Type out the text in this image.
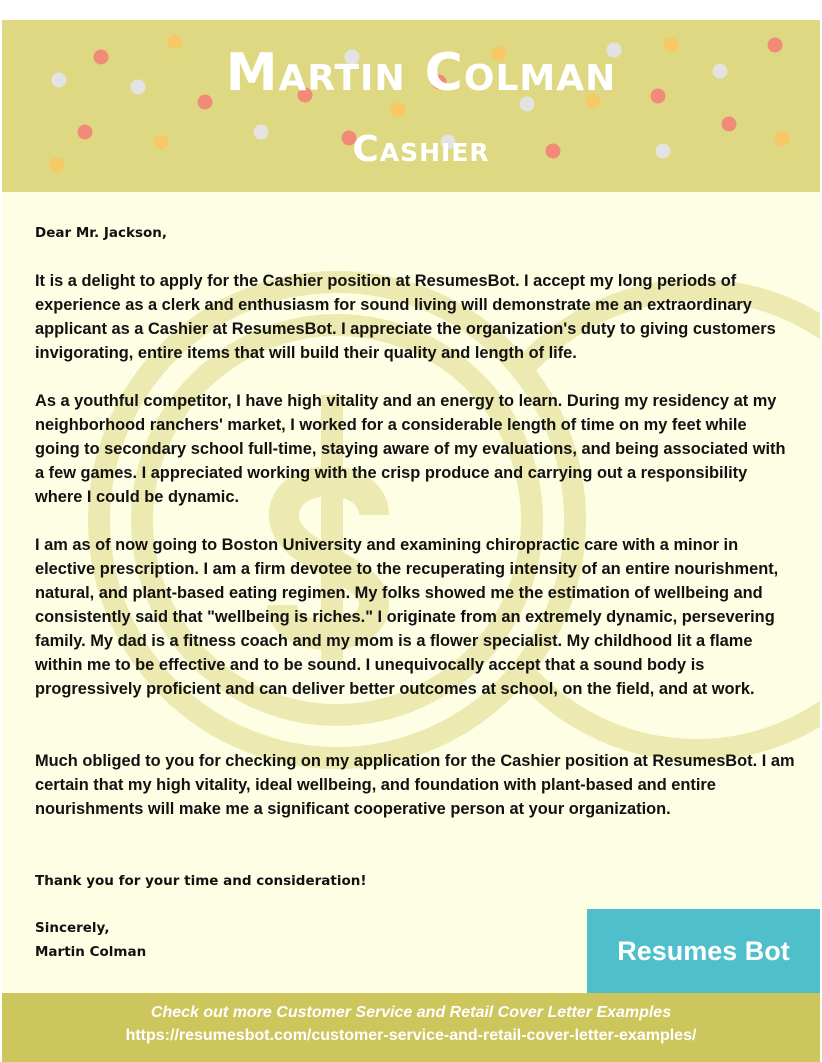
Martin Colman
Cashier
Dear Mr. Jackson,

It is a delight to apply for the Cashier position at ResumesBot. I accept my long periods of experience as a clerk and enthusiasm for sound living will demonstrate me an extraordinary applicant as a Cashier at ResumesBot. I appreciate the organization's duty to giving customers invigorating, entire items that will build their quality and length of life.

As a youthful competitor, I have high vitality and an energy to learn. During my residency at my neighborhood ranchers' market, I worked for a considerable length of time on my feet while going to secondary school full-time, staying aware of my evaluations, and being associated with a few games. I appreciated working with the crisp produce and carrying out a responsibility where I could be dynamic.

I am as of now going to Boston University and examining chiropractic care with a minor in elective prescription. I am a firm devotee to the recuperating intensity of an entire nourishment, natural, and plant-based eating regimen. My folks showed me the estimation of wellbeing and consistently said that "wellbeing is riches." I originate from an extremely dynamic, persevering family. My dad is a fitness coach and my mom is a flower specialist. My childhood lit a flame within me to be effective and to be sound. I unequivocally accept that a sound body is progressively proficient and can deliver better outcomes at school, on the field, and at work.

Much obliged to you for checking on my application for the Cashier position at ResumesBot. I am certain that my high vitality, ideal wellbeing, and foundation with plant-based and entire nourishments will make me a significant cooperative person at your organization.

Thank you for your time and consideration!
Sincerely,
Martin Colman	Resumes Bot
Check out more Customer Service and Retail Cover Letter Examples
https://resumesbot.com/customer-service-and-retail-cover-letter-examples/
